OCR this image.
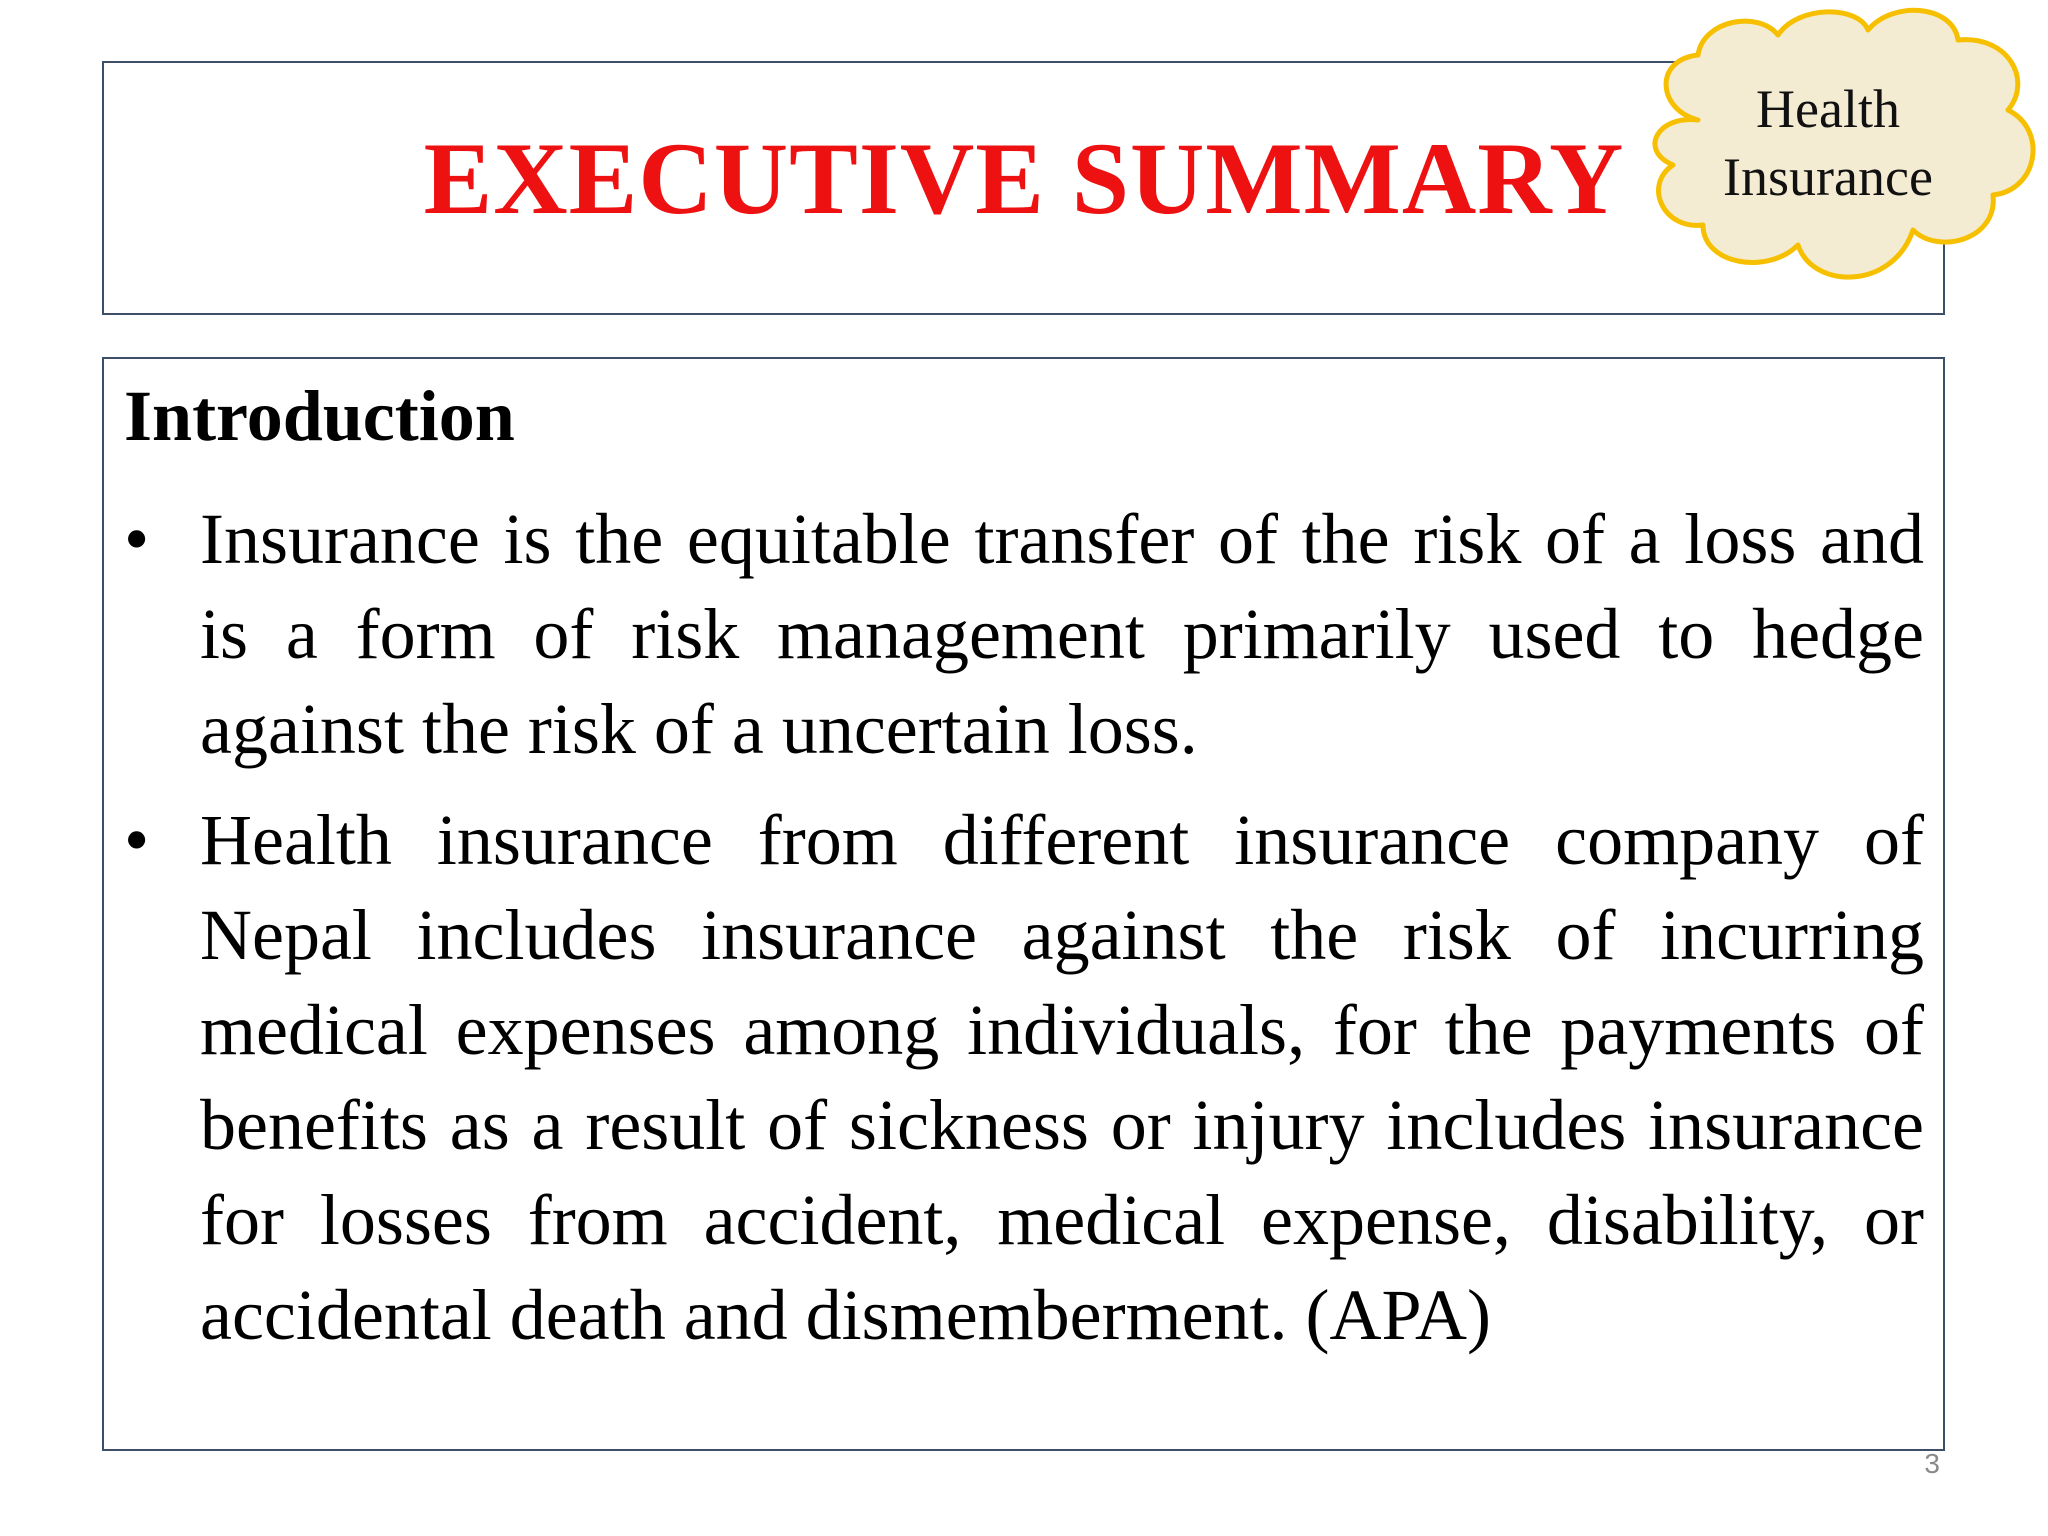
EXECUTIVE SUMMARY
Health
Insurance
Introduction
• Insurance is the equitable transfer of the risk of a loss and is a form of risk management primarily used to hedge against the risk of a uncertain loss.
• Health insurance from different insurance company of Nepal includes insurance against the risk of incurring medical expenses among individuals, for the payments of benefits as a result of sickness or injury includes insurance for losses from accident, medical expense, disability, or accidental death and dismemberment. (APA)
3
